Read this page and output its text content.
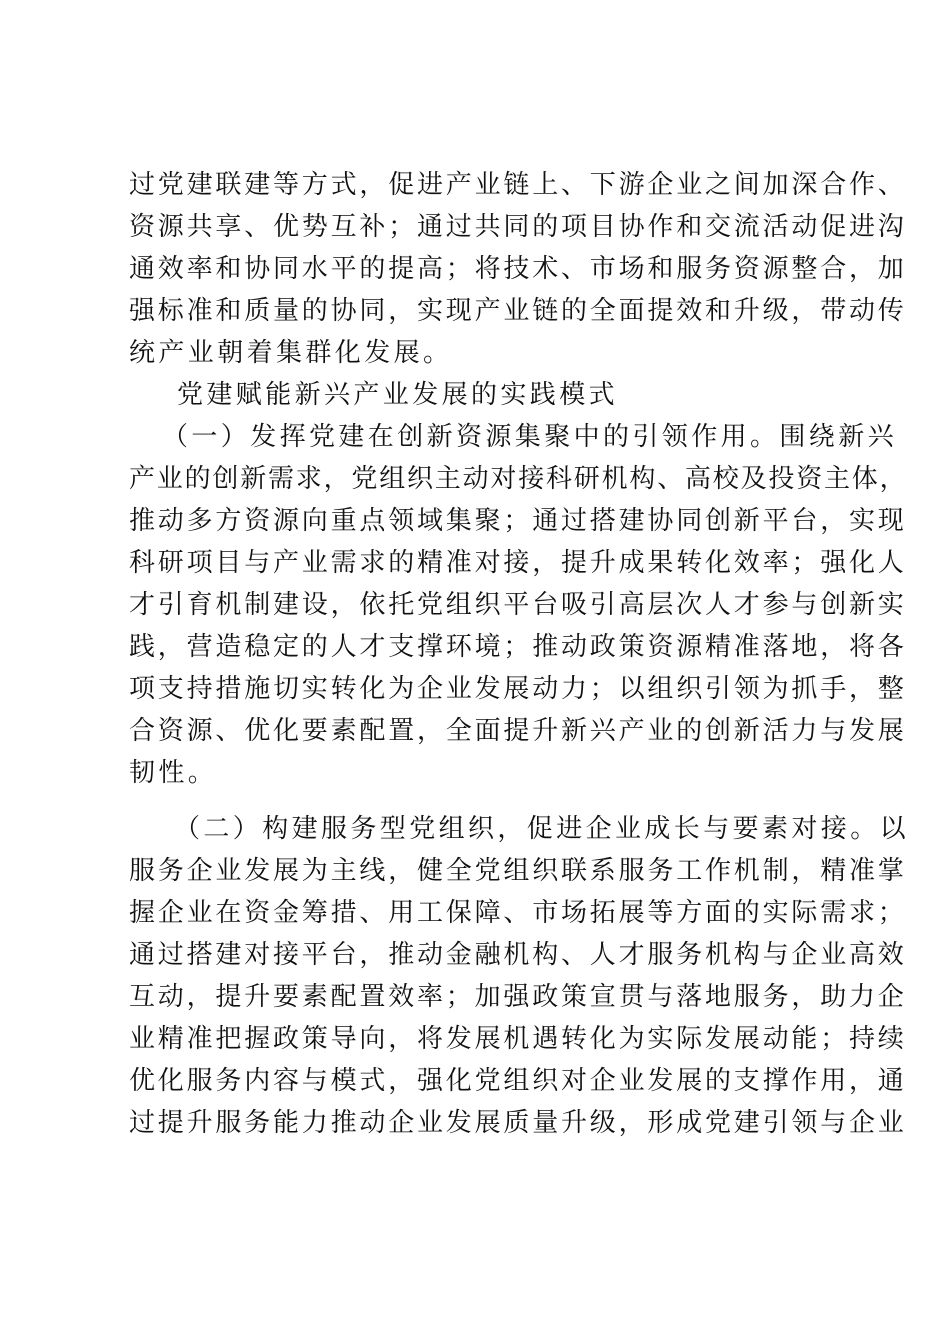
过党建联建等方式，促进产业链上、下游企业之间加深合作、
资源共享、优势互补；通过共同的项目协作和交流活动促进沟
通效率和协同水平的提高；将技术、市场和服务资源整合，加
强标准和质量的协同，实现产业链的全面提效和升级，带动传
统产业朝着集群化发展。
党建赋能新兴产业发展的实践模式
（一）发挥党建在创新资源集聚中的引领作用。围绕新兴
产业的创新需求，党组织主动对接科研机构、高校及投资主体，
推动多方资源向重点领域集聚；通过搭建协同创新平台，实现
科研项目与产业需求的精准对接，提升成果转化效率；强化人
才引育机制建设，依托党组织平台吸引高层次人才参与创新实
践，营造稳定的人才支撑环境；推动政策资源精准落地，将各
项支持措施切实转化为企业发展动力；以组织引领为抓手，整
合资源、优化要素配置，全面提升新兴产业的创新活力与发展
韧性。
（二）构建服务型党组织，促进企业成长与要素对接。以
服务企业发展为主线，健全党组织联系服务工作机制，精准掌
握企业在资金筹措、用工保障、市场拓展等方面的实际需求；
通过搭建对接平台，推动金融机构、人才服务机构与企业高效
互动，提升要素配置效率；加强政策宣贯与落地服务，助力企
业精准把握政策导向，将发展机遇转化为实际发展动能；持续
优化服务内容与模式，强化党组织对企业发展的支撑作用，通
过提升服务能力推动企业发展质量升级，形成党建引领与企业
